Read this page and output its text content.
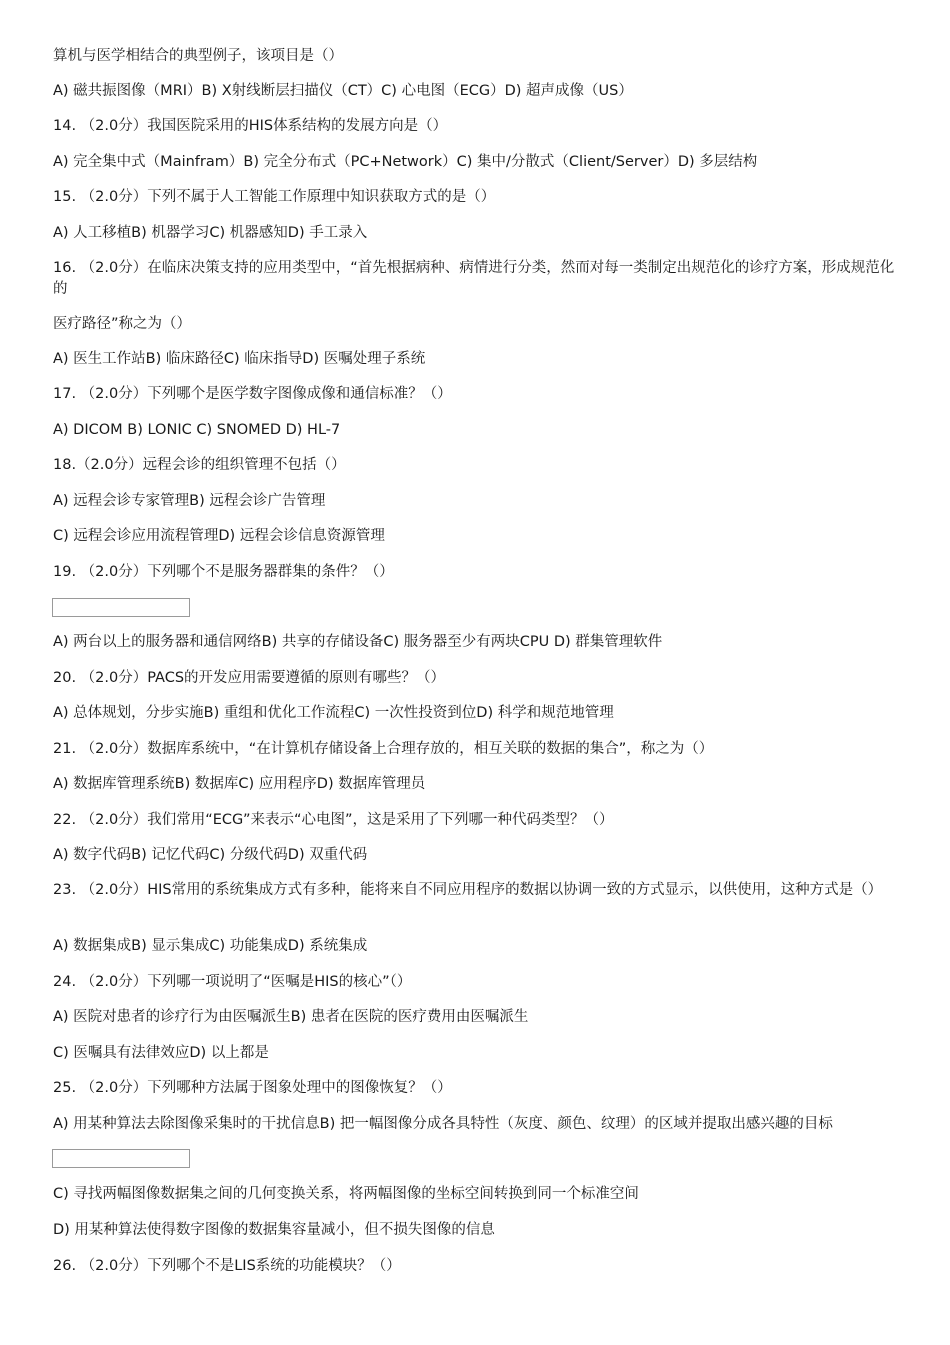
算机与医学相结合的典型例子，该项目是（）
A) 磁共振图像（MRI）B) X射线断层扫描仪（CT）C) 心电图（ECG）D) 超声成像（US）
14. （2.0分）我国医院采用的HIS体系结构的发展方向是（）
A) 完全集中式（Mainfram）B) 完全分布式（PC+Network）C) 集中/分散式（Client/Server）D) 多层结构
15. （2.0分）下列不属于人工智能工作原理中知识获取方式的是（）
A) 人工移植B) 机器学习C) 机器感知D) 手工录入
16. （2.0分）在临床决策支持的应用类型中，“首先根据病种、病情进行分类，然而对每一类制定出规范化的诊疗方案，形成规范化的
医疗路径”称之为（）
A) 医生工作站B) 临床路径C) 临床指导D) 医嘱处理子系统
17. （2.0分）下列哪个是医学数字图像成像和通信标准？（）
A) DICOM B) LONIC C) SNOMED D) HL-7
18.（2.0分）远程会诊的组织管理不包括（）
A) 远程会诊专家管理B) 远程会诊广告管理
C) 远程会诊应用流程管理D) 远程会诊信息资源管理
19. （2.0分）下列哪个不是服务器群集的条件？（）
A) 两台以上的服务器和通信网络B) 共享的存储设备C) 服务器至少有两块CPU D) 群集管理软件
20. （2.0分）PACS的开发应用需要遵循的原则有哪些？（）
A) 总体规划，分步实施B) 重组和优化工作流程C) 一次性投资到位D) 科学和规范地管理
21. （2.0分）数据库系统中，“在计算机存储设备上合理存放的，相互关联的数据的集合”，称之为（）
A) 数据库管理系统B) 数据库C) 应用程序D) 数据库管理员
22. （2.0分）我们常用“ECG”来表示“心电图”，这是采用了下列哪一种代码类型？（）
A) 数字代码B) 记忆代码C) 分级代码D) 双重代码
23. （2.0分）HIS常用的系统集成方式有多种，能将来自不同应用程序的数据以协调一致的方式显示，以供使用，这种方式是（）
A) 数据集成B) 显示集成C) 功能集成D) 系统集成
24. （2.0分）下列哪一项说明了“医嘱是HIS的核心”（）
A) 医院对患者的诊疗行为由医嘱派生B) 患者在医院的医疗费用由医嘱派生
C) 医嘱具有法律效应D) 以上都是
25. （2.0分）下列哪种方法属于图象处理中的图像恢复？（）
A) 用某种算法去除图像采集时的干扰信息B) 把一幅图像分成各具特性（灰度、颜色、纹理）的区域并提取出感兴趣的目标
C) 寻找两幅图像数据集之间的几何变换关系，将两幅图像的坐标空间转换到同一个标准空间
D) 用某种算法使得数字图像的数据集容量减小，但不损失图像的信息
26. （2.0分）下列哪个不是LIS系统的功能模块？（）
